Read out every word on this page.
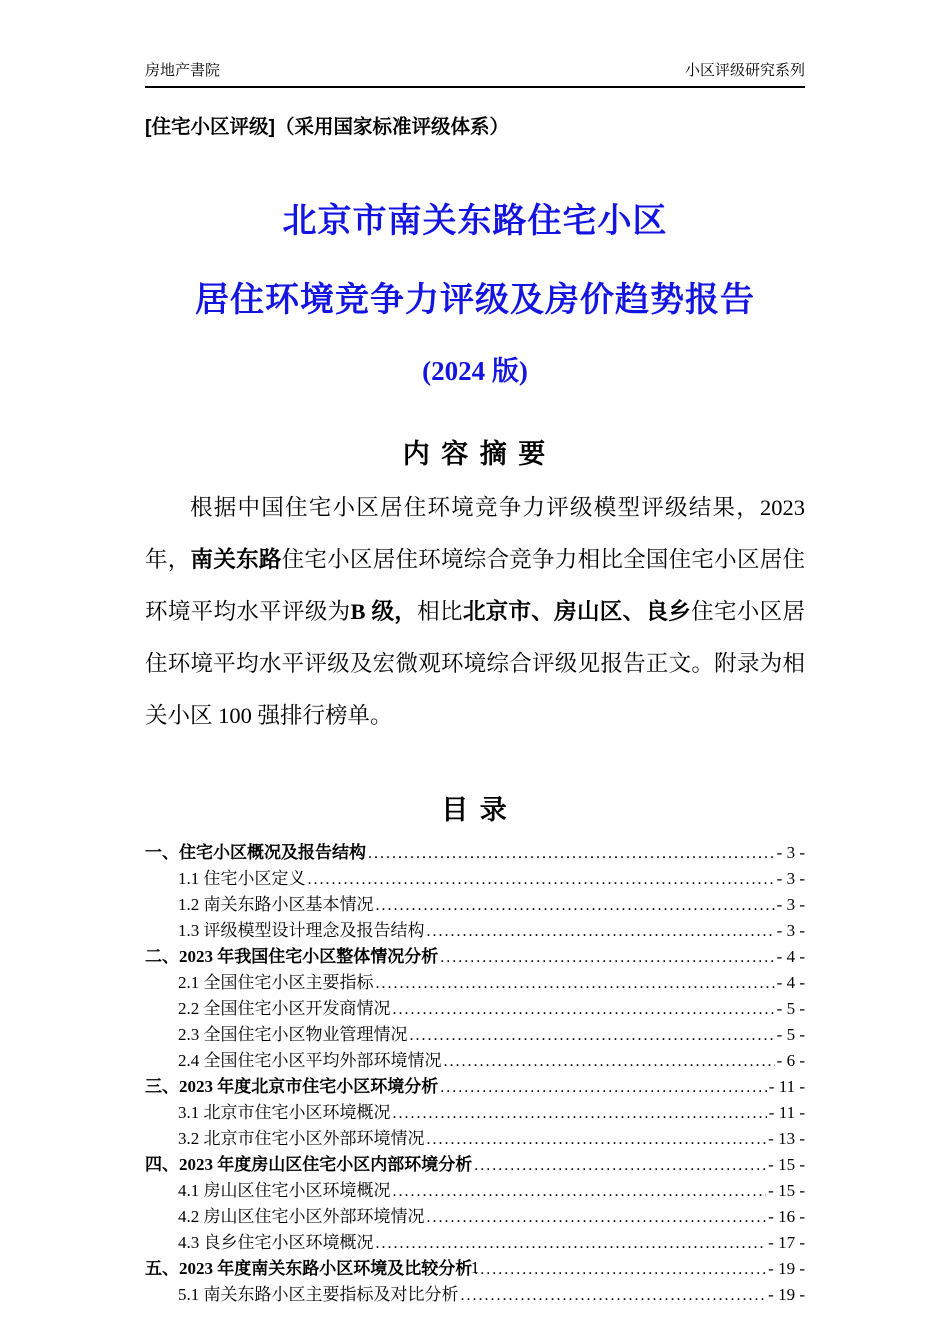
房地产書院	小区评级研究系列
[住宅小区评级]（采用国家标准评级体系）
北京市南关东路住宅小区
居住环境竞争力评级及房价趋势报告
(2024 版)
内 容 摘 要
根据中国住宅小区居住环境竞争力评级模型评级结果，2023 年，南关东路住宅小区居住环境综合竞争力相比全国住宅小区居住环境平均水平评级为B 级，相比北京市、房山区、良乡住宅小区居住环境平均水平评级及宏微观环境综合评级见报告正文。附录为相关小区 100 强排行榜单。
目 录
一、住宅小区概况及报告结构 .....	- 3 -
1.1 住宅小区定义 .....	- 3 -
1.2 南关东路小区基本情况 .....	- 3 -
1.3 评级模型设计理念及报告结构 .....	- 3 -
二、2023 年我国住宅小区整体情况分析 .....	- 4 -
2.1 全国住宅小区主要指标 .....	- 4 -
2.2 全国住宅小区开发商情况 .....	- 5 -
2.3 全国住宅小区物业管理情况 .....	- 5 -
2.4 全国住宅小区平均外部环境情况 .....	- 6 -
三、2023 年度北京市住宅小区环境分析 .....	- 11 -
3.1 北京市住宅小区环境概况 .....	- 11 -
3.2 北京市住宅小区外部环境情况 .....	- 13 -
四、2023 年度房山区住宅小区内部环境分析 .....	- 15 -
4.1 房山区住宅小区环境概况 .....	- 15 -
4.2 房山区住宅小区外部环境情况 .....	- 16 -
4.3 良乡住宅小区环境概况 .....	- 17 -
五、2023 年度南关东路小区环境及比较分析 .....	- 19 -
5.1 南关东路小区主要指标及对比分析 .....	- 19 -
1
